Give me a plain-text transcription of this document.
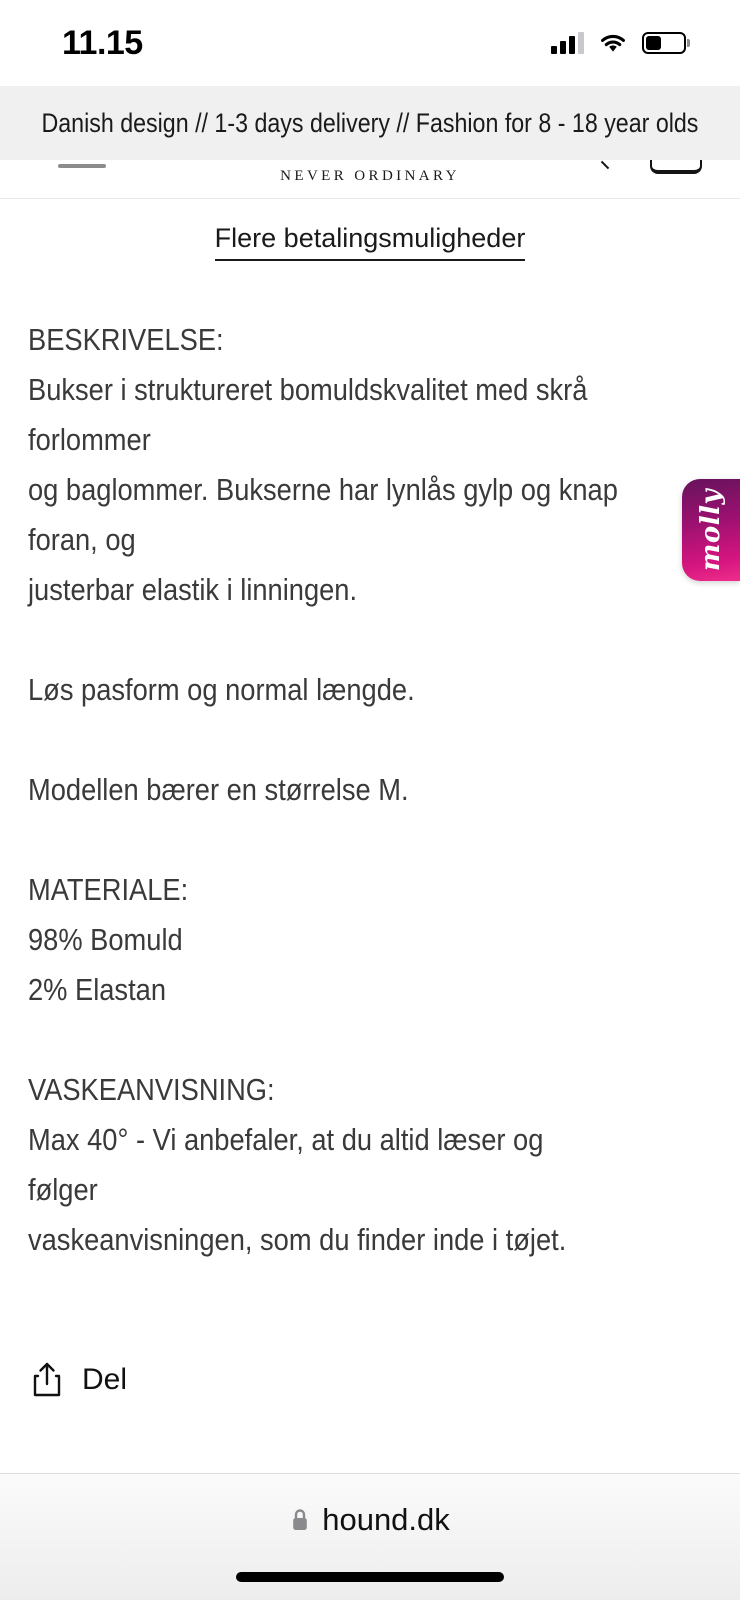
11.15
Danish design // 1-3 days delivery // Fashion for 8 - 18 year olds
NEVER ORDINARY
Flere betalingsmuligheder
molly
BESKRIVELSE:
Bukser i struktureret bomuldskvalitet med skrå forlommer
og baglommer. Bukserne har lynlås gylp og knap foran, og
justerbar elastik i linningen.
Løs pasform og normal længde.
Modellen bærer en størrelse M.
MATERIALE:
98% Bomuld
2% Elastan
VASKEANVISNING:
Max 40° - Vi anbefaler, at du altid læser og følger
vaskeanvisningen, som du finder inde i tøjet.
Del
hound.dk
